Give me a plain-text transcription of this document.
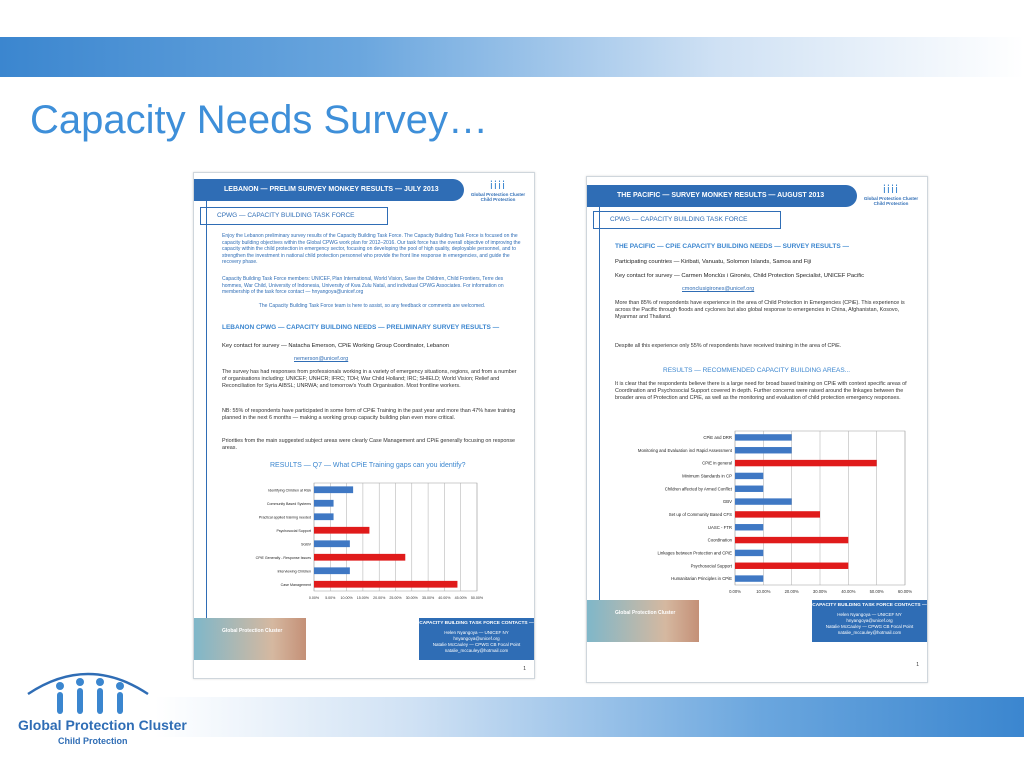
Capacity Needs Survey…
LEBANON — PRELIM SURVEY MONKEY RESULTS — JULY 2013	ⅰⅰⅰⅰ
Global Protection Cluster
Child Protection
CPWG — CAPACITY BUILDING TASK FORCE
Enjoy the Lebanon preliminary survey results of the Capacity Building Task Force. The Capacity Building Task Force is focused on the capacity building objectives within the Global CPWG work plan for 2012–2016. Our task force has the overall objective of improving the capacity within the child protection in emergency sector, focusing on developing the pool of high quality, deployable personnel, and to strengthen the investment in national child protection personnel who provide the front line response in emergencies, and guide the recovery phase.
Capacity Building Task Force members: UNICEF, Plan International, World Vision, Save the Children, Child Frontiers, Terre des hommes, War Child, University of Indonesia, University of Kwa Zulu Natal, and individual CPWG Associates. For information on membership of the task force contact — hnyangoya@unicef.org
The Capacity Building Task Force team is here to assist, so any feedback or comments are welcomed.
LEBANON CPWG — CAPACITY BUILDING NEEDS — PRELIMINARY SURVEY RESULTS —
Key contact for survey — Natacha Emerson, CPiE Working Group Coordinator, Lebanon
nemerson@unicef.org
The survey has had responses from professionals working in a variety of emergency situations, regions, and from a number of organisations including: UNICEF; UNHCR; IFRC; TDH; War Child Holland; IRC; SHIELD; World Vision; Relief and Reconciliation for Syria AIBSL; UNRWA; and tomorrow's Youth Organisation. Most frontline workers.
NB: 55% of respondents have participated in some form of CPiE Training in the past year and more than 47% have training planned in the next 6 months — making a working group capacity building plan even more critical.
Priorities from the main suggested subject areas were clearly Case Management and CPiE generally focusing on response areas.
RESULTS — Q7 — What CPiE Training gaps can you identify?
0.00% 5.00% 10.00% 15.00% 20.00% 25.00% 30.00% 35.00% 40.00% 45.00% 50.00%
Identifying Children at Risk
Community Based Systems
Practical applied training needed
Psychosocial Support
SGBV
CPiE Generally - Response Issues
Interviewing Children
Case Management
Global Protection Cluster
CAPACITY BUILDING TASK FORCE CONTACTS —
Helen Nyangoya — UNICEF NY
hnyangoya@unicef.org
Natalie McCauley — CPWG CB Focal Point
natalie_mccauley@hotmail.com
1
THE PACIFIC — SURVEY MONKEY RESULTS — AUGUST 2013	ⅰⅰⅰⅰ
Global Protection Cluster
Child Protection
CPWG — CAPACITY BUILDING TASK FORCE
THE PACIFIC — CPiE CAPACITY BUILDING NEEDS — SURVEY RESULTS —
Participating countries — Kiribati, Vanuatu, Solomon Islands, Samoa and Fiji
Key contact for survey — Carmen Monclús i Gironès, Child Protection Specialist, UNICEF Pacific
cmonclusigirones@unicef.org
More than 85% of respondents have experience in the area of Child Protection in Emergencies (CPiE). This experience is across the Pacific through floods and cyclones but also global response to emergencies in China, Afghanistan, Kosovo, Myanmar and Thailand.
Despite all this experience only 55% of respondents have received training in the area of CPiE.
RESULTS — RECOMMENDED CAPACITY BUILDING AREAS...
It is clear that the respondents believe there is a large need for broad based training on CPiE with context specific areas of Coordination and Psychosocial Support covered in depth. Further concerns were raised around the linkages between the broader area of Protection and CPiE, as well as the monitoring and evaluation of child protection emergency responses.
0.00%	10.00%	20.00%	30.00%	40.00%	50.00%	60.00%
CPiE and DRR
Monitoring and Evaluation incl Rapid Assessment
CPiE in general
Minimum Standards in CP
Children affected by Armed Conflict
GBV
Set up of Community Based CFS
UASC - FTR
Coordination
Linkages between Protection and CPiE
Psychosocial Support
Humanitarian Principles in CPiE
Global Protection Cluster
CAPACITY BUILDING TASK FORCE CONTACTS —
Helen Nyangoya — UNICEF NY
hnyangoya@unicef.org
Natalie McCauley — CPWG CB Focal Point
natalie_mccauley@hotmail.com
1
Global Protection Cluster
Child Protection
